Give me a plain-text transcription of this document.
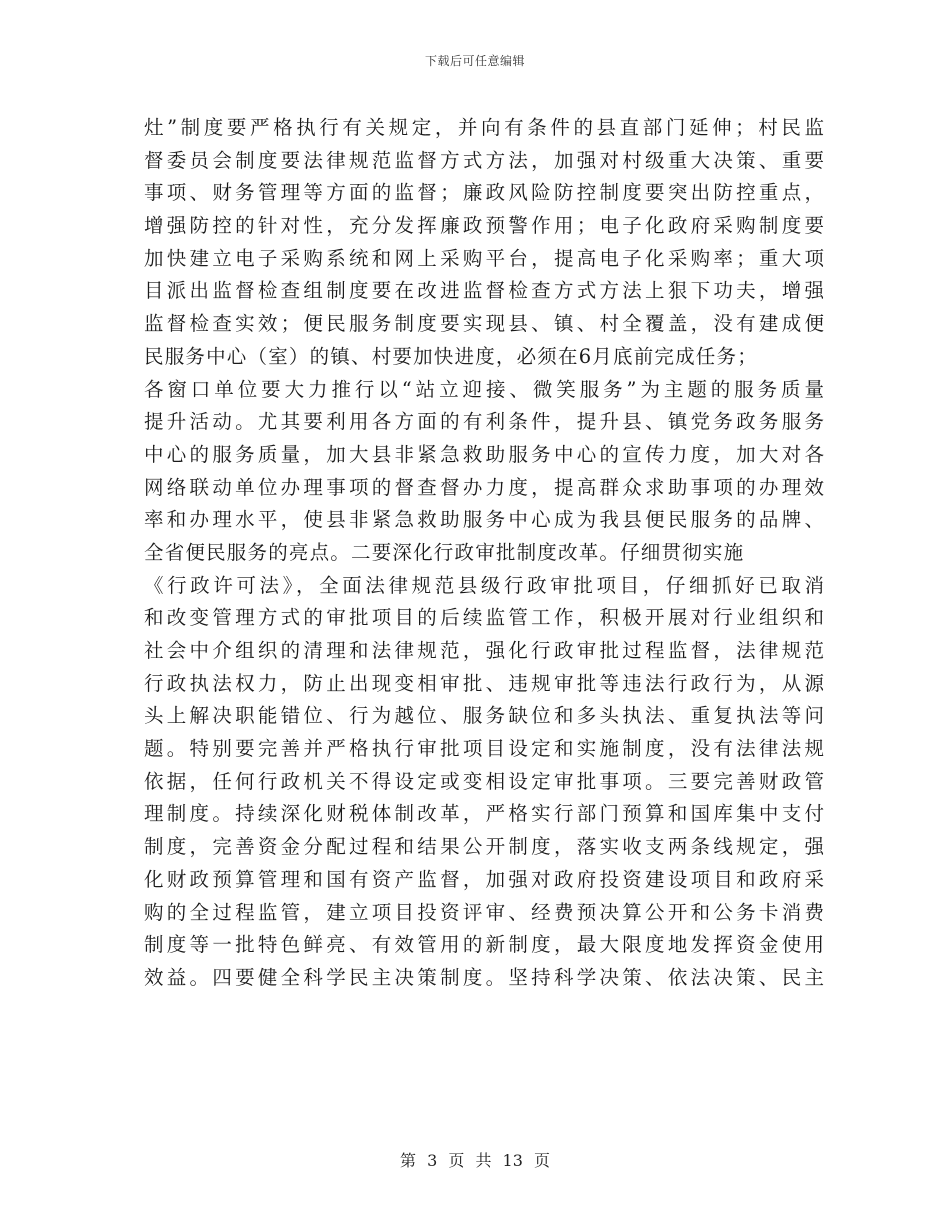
下载后可任意编辑
灶”制度要严格执行有关规定，并向有条件的县直部门延伸；村民监
督委员会制度要法律规范监督方式方法，加强对村级重大决策、重要
事项、财务管理等方面的监督；廉政风险防控制度要突出防控重点，
增强防控的针对性，充分发挥廉政预警作用；电子化政府采购制度要
加快建立电子采购系统和网上采购平台，提高电子化采购率；重大项
目派出监督检查组制度要在改进监督检查方式方法上狠下功夫，增强
监督检查实效；便民服务制度要实现县、镇、村全覆盖，没有建成便
民服务中心（室）的镇、村要加快进度，必须在6月底前完成任务；
各窗口单位要大力推行以“站立迎接、微笑服务”为主题的服务质量
提升活动。尤其要利用各方面的有利条件，提升县、镇党务政务服务
中心的服务质量，加大县非紧急救助服务中心的宣传力度，加大对各
网络联动单位办理事项的督查督办力度，提高群众求助事项的办理效
率和办理水平，使县非紧急救助服务中心成为我县便民服务的品牌、
全省便民服务的亮点。二要深化行政审批制度改革。仔细贯彻实施
《行政许可法》，全面法律规范县级行政审批项目，仔细抓好已取消
和改变管理方式的审批项目的后续监管工作，积极开展对行业组织和
社会中介组织的清理和法律规范，强化行政审批过程监督，法律规范
行政执法权力，防止出现变相审批、违规审批等违法行政行为，从源
头上解决职能错位、行为越位、服务缺位和多头执法、重复执法等问
题。特别要完善并严格执行审批项目设定和实施制度，没有法律法规
依据，任何行政机关不得设定或变相设定审批事项。三要完善财政管
理制度。持续深化财税体制改革，严格实行部门预算和国库集中支付
制度，完善资金分配过程和结果公开制度，落实收支两条线规定，强
化财政预算管理和国有资产监督，加强对政府投资建设项目和政府采
购的全过程监管，建立项目投资评审、经费预决算公开和公务卡消费
制度等一批特色鲜亮、有效管用的新制度，最大限度地发挥资金使用
效益。四要健全科学民主决策制度。坚持科学决策、依法决策、民主
第 3 页 共 13 页
